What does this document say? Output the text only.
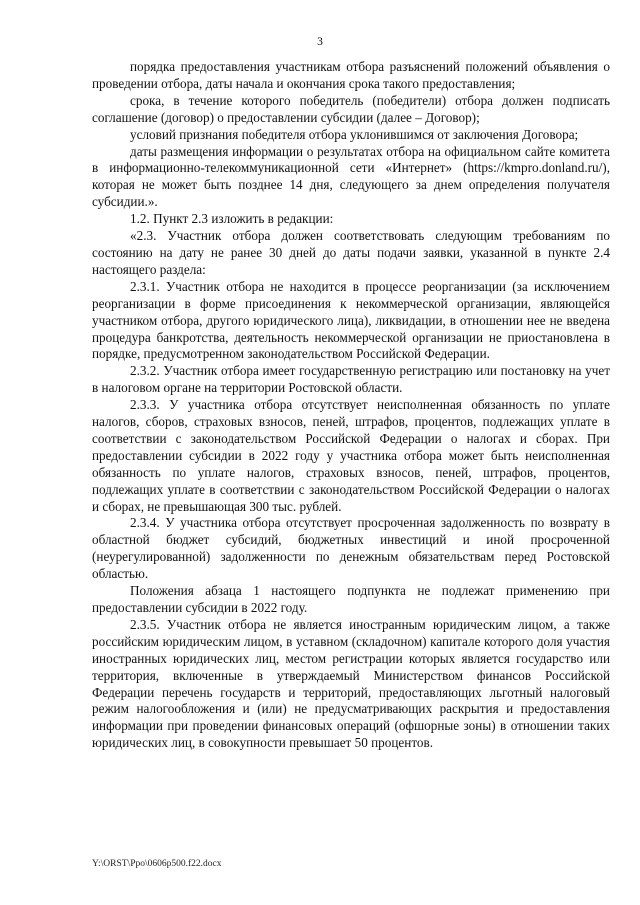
3

порядка предоставления участникам отбора разъяснений положений объявления о проведении отбора, даты начала и окончания срока такого предоставления;

срока, в течение которого победитель (победители) отбора должен подписать соглашение (договор) о предоставлении субсидии (далее – Договор);

условий признания победителя отбора уклонившимся от заключения Договора;

даты размещения информации о результатах отбора на официальном сайте комитета в информационно-телекоммуникационной сети «Интернет» (https://kmpro.donland.ru/), которая не может быть позднее 14 дня, следующего за днем определения получателя субсидии.».

1.2. Пункт 2.3 изложить в редакции:

«2.3. Участник отбора должен соответствовать следующим требованиям по состоянию на дату не ранее 30 дней до даты подачи заявки, указанной в пункте 2.4 настоящего раздела:

2.3.1. Участник отбора не находится в процессе реорганизации (за исключением реорганизации в форме присоединения к некоммерческой организации, являющейся участником отбора, другого юридического лица), ликвидации, в отношении нее не введена процедура банкротства, деятельность некоммерческой организации не приостановлена в порядке, предусмотренном законодательством Российской Федерации.

2.3.2. Участник отбора имеет государственную регистрацию или постановку на учет в налоговом органе на территории Ростовской области.

2.3.3. У участника отбора отсутствует неисполненная обязанность по уплате налогов, сборов, страховых взносов, пеней, штрафов, процентов, подлежащих уплате в соответствии с законодательством Российской Федерации о налогах и сборах. При предоставлении субсидии в 2022 году у участника отбора может быть неисполненная обязанность по уплате налогов, страховых взносов, пеней, штрафов, процентов, подлежащих уплате в соответствии с законодательством Российской Федерации о налогах и сборах, не превышающая 300 тыс. рублей.

2.3.4. У участника отбора отсутствует просроченная задолженность по возврату в областной бюджет субсидий, бюджетных инвестиций и иной просроченной (неурегулированной) задолженности по денежным обязательствам перед Ростовской областью.

Положения абзаца 1 настоящего подпункта не подлежат применению при предоставлении субсидии в 2022 году.

2.3.5. Участник отбора не является иностранным юридическим лицом, а также российским юридическим лицом, в уставном (складочном) капитале которого доля участия иностранных юридических лиц, местом регистрации которых является государство или территория, включенные в утверждаемый Министерством финансов Российской Федерации перечень государств и территорий, предоставляющих льготный налоговый режим налогообложения и (или) не предусматривающих раскрытия и предоставления информации при проведении финансовых операций (офшорные зоны) в отношении таких юридических лиц, в совокупности превышает 50 процентов.

Y:\ORST\Ppo\0606p500.f22.docx
